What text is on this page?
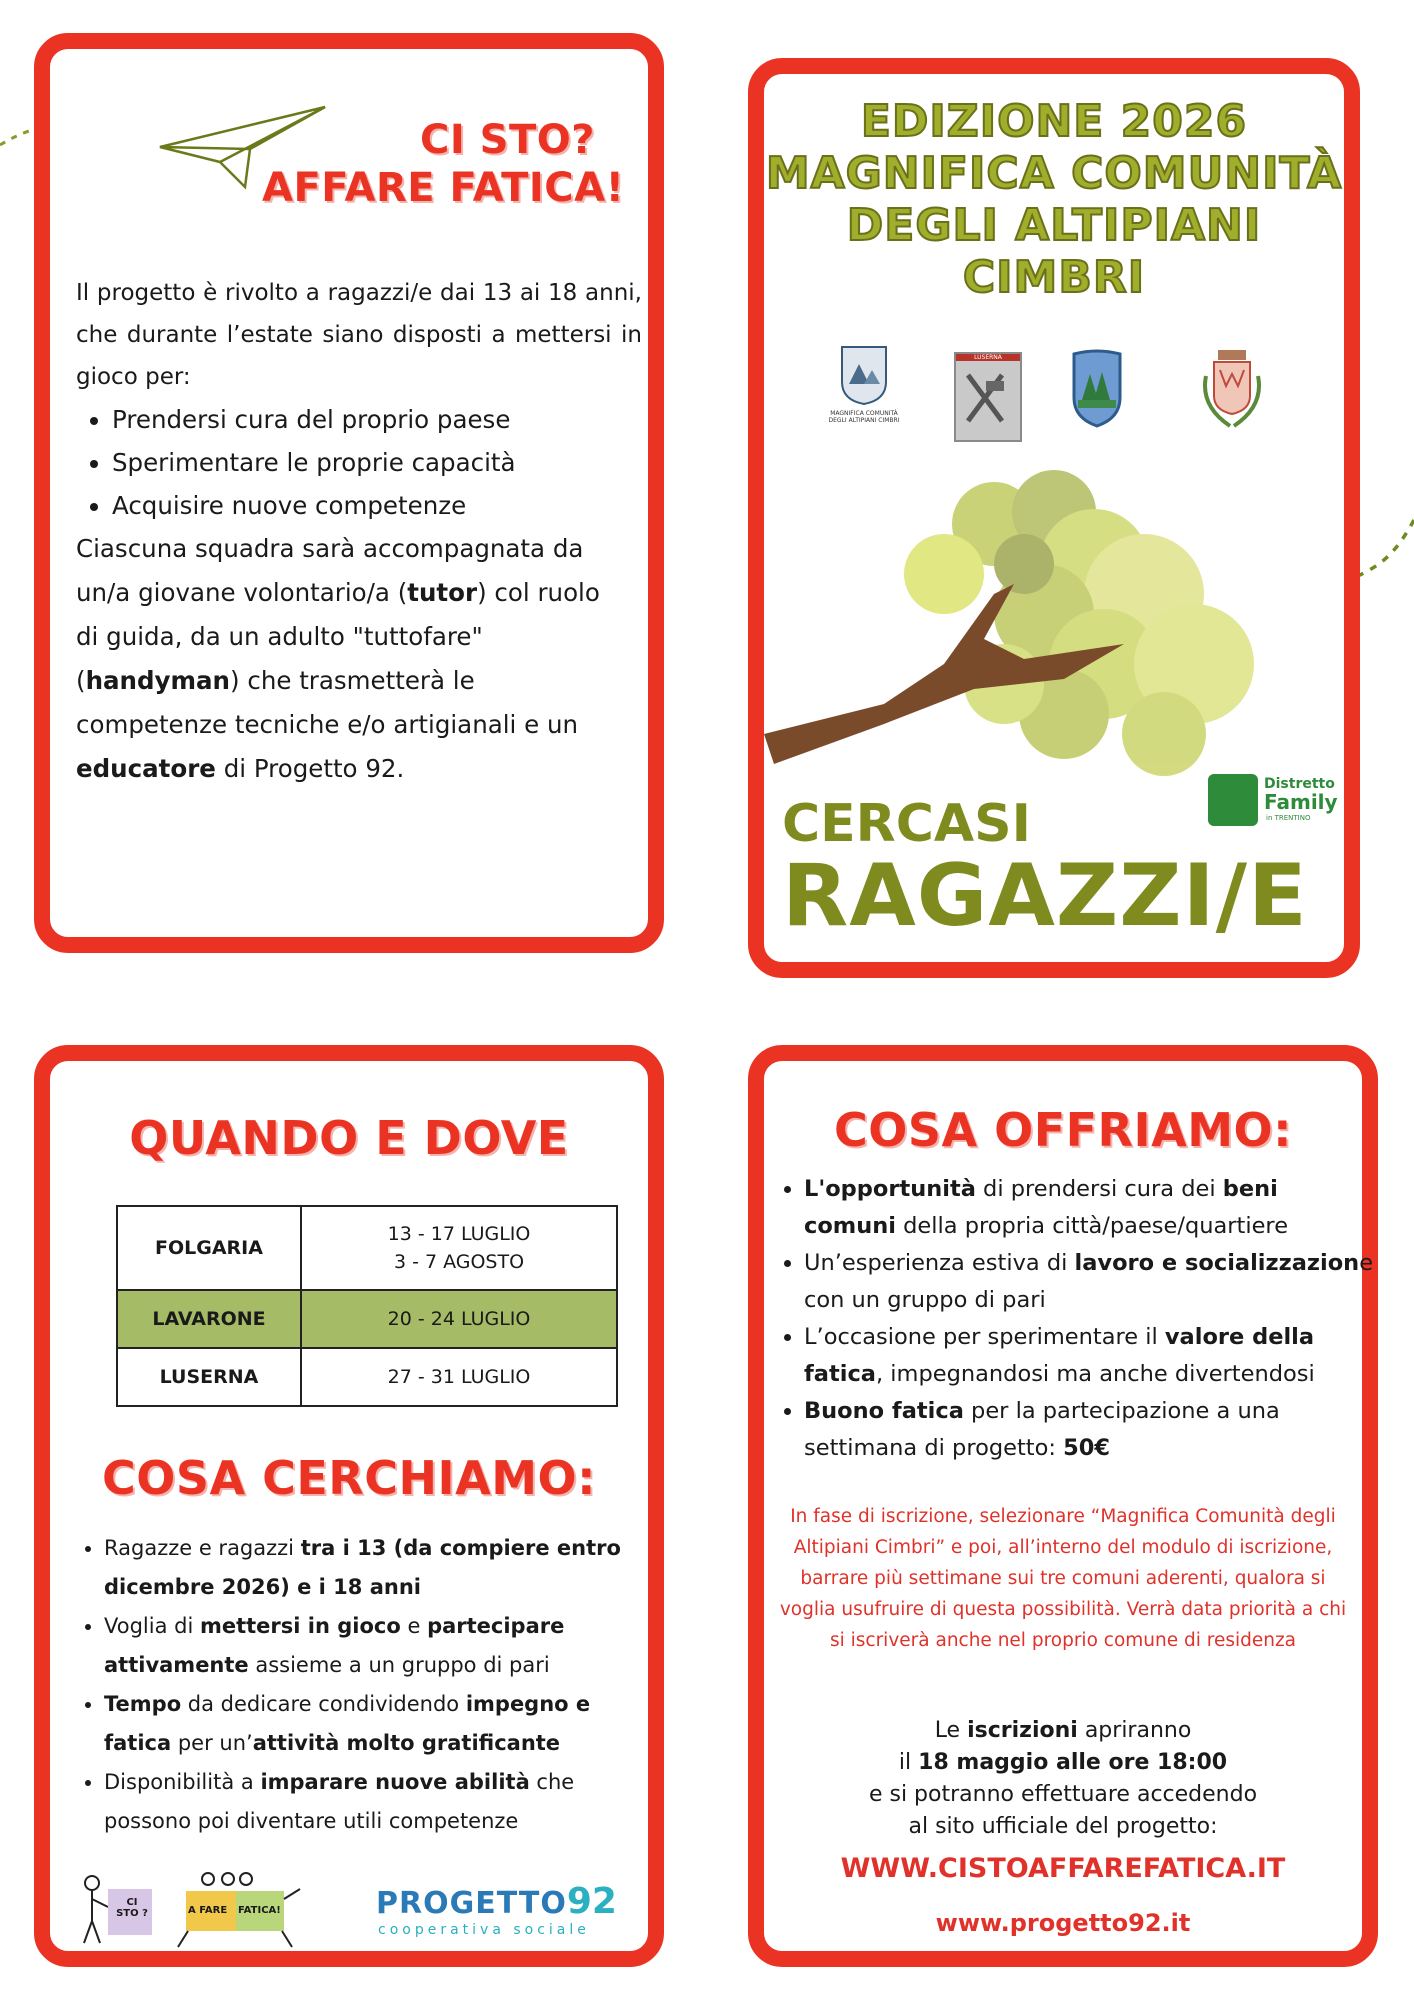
CI STO?
AFFARE FATICA!
Il progetto è rivolto a ragazzi/e dai 13 ai 18 anni, che durante l’estate siano disposti a mettersi in gioco per:
• Prendersi cura del proprio paese
• Sperimentare le proprie capacità
• Acquisire nuove competenze
Ciascuna squadra sarà accompagnata da un/a giovane volontario/a (tutor) col ruolo di guida, da un adulto "tuttofare" (handyman) che trasmetterà le competenze tecniche e/o artigianali e un educatore di Progetto 92.
EDIZIONE 2026
MAGNIFICA COMUNITÀ
DEGLI ALTIPIANI
CIMBRI
MAGNIFICA COMUNITÀ DEGLI ALTIPIANI CIMBRI
LUSERNA
Distretto
Family
in TRENTINO
CERCASI
RAGAZZI/E
QUANDO E DOVE
FOLGARIA	13 - 17 LUGLIO
3 - 7 AGOSTO

LAVARONE	20 - 24 LUGLIO
LUSERNA	27 - 31 LUGLIO
COSA CERCHIAMO:
• Ragazze e ragazzi tra i 13 (da compiere entro dicembre 2026) e i 18 anni
• Voglia di mettersi in gioco e partecipare attivamente assieme a un gruppo di pari
• Tempo da dedicare condividendo impegno e fatica per un’attività molto gratificante
• Disponibilità a imparare nuove abilità che possono poi diventare utili competenze
CI STO ?	A FARE FATICA!	PROGETTO92
cooperativa sociale
COSA OFFRIAMO:
• L'opportunità di prendersi cura dei beni comuni della propria città/paese/quartiere
• Un’esperienza estiva di lavoro e socializzazione con un gruppo di pari
• L’occasione per sperimentare il valore della fatica, impegnandosi ma anche divertendosi
• Buono fatica per la partecipazione a una settimana di progetto: 50€
In fase di iscrizione, selezionare “Magnifica Comunità degli Altipiani Cimbri” e poi, all’interno del modulo di iscrizione, barrare più settimane sui tre comuni aderenti, qualora si voglia usufruire di questa possibilità. Verrà data priorità a chi si iscriverà anche nel proprio comune di residenza
Le iscrizioni apriranno
il 18 maggio alle ore 18:00
e si potranno effettuare accedendo
al sito ufficiale del progetto:
WWW.CISTOAFFAREFATICA.IT
www.progetto92.it
